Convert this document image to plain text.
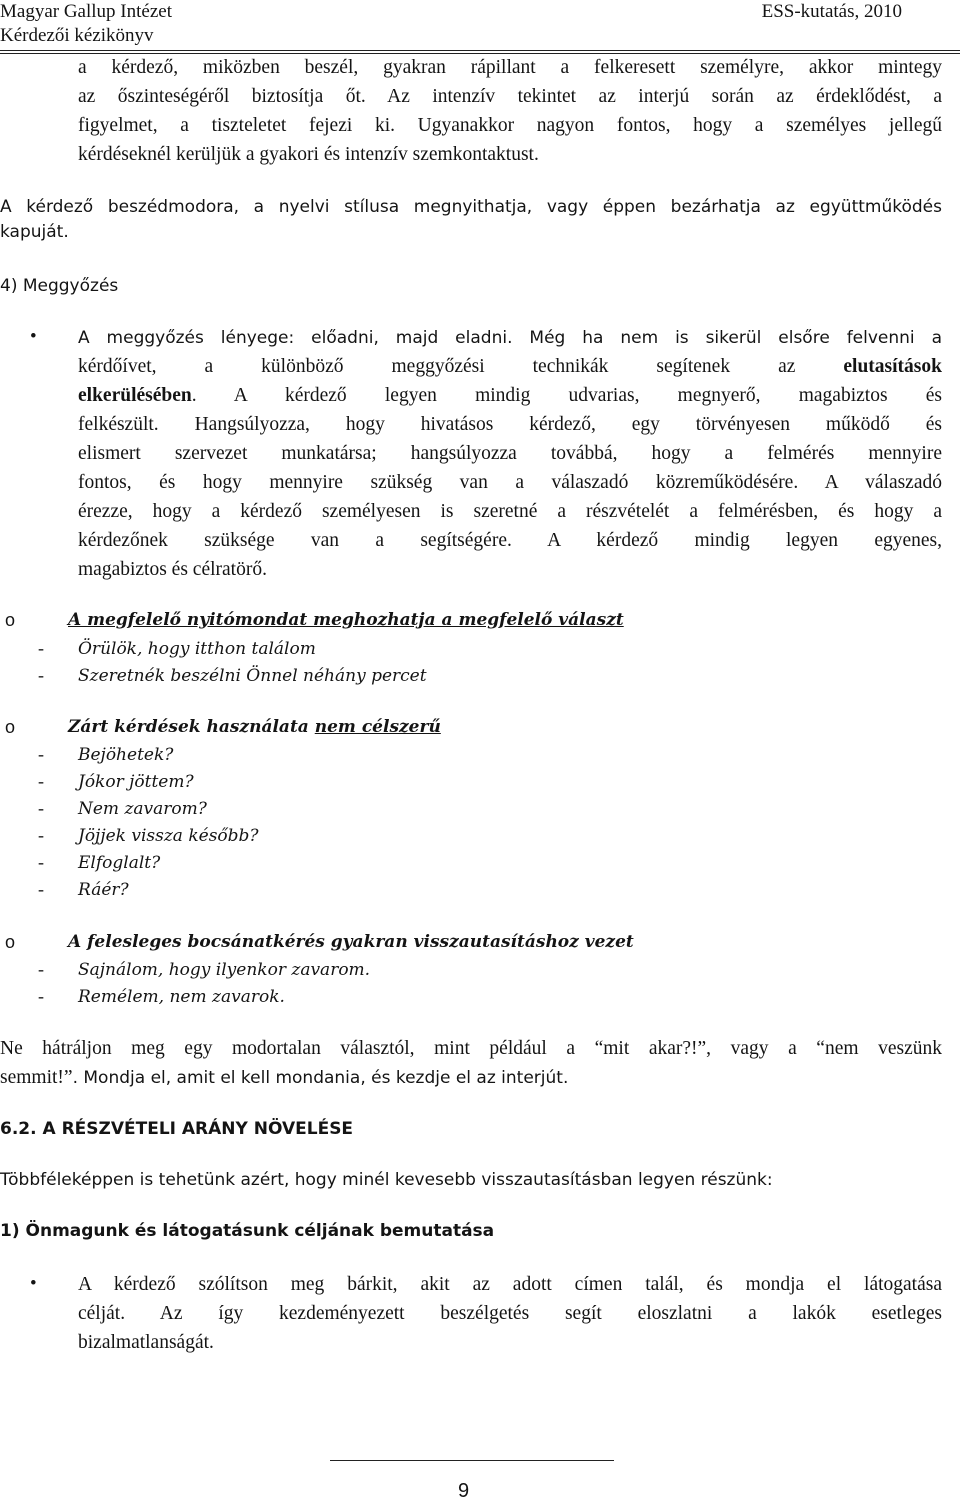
Magyar Gallup Intézet
Kérdezői kézikönyv
ESS-kutatás, 2010
a kérdező, miközben beszél, gyakran rápillant a felkeresett személyre, akkor mintegy
az őszinteségéről biztosítja őt. Az intenzív tekintet az interjú során az érdeklődést, a
figyelmet, a tiszteletet fejezi ki. Ugyanakkor nagyon fontos, hogy a személyes jellegű
kérdéseknél kerüljük a gyakori és intenzív szemkontaktust.
A kérdező beszédmodora, a nyelvi stílusa megnyithatja, vagy éppen bezárhatja az együttműködés
kapuját.
4) Meggyőzés
• A meggyőzés lényege: előadni, majd eladni. Még ha nem is sikerül elsőre felvenni a
kérdőívet, a különböző meggyőzési technikák segítenek az elutasítások
elkerülésében. A kérdező legyen mindig udvarias, megnyerő, magabiztos és
felkészült. Hangsúlyozza, hogy hivatásos kérdező, egy törvényesen működő és
elismert szervezet munkatársa; hangsúlyozza továbbá, hogy a felmérés mennyire
fontos, és hogy mennyire szükség van a válaszadó közreműködésére. A válaszadó
érezze, hogy a kérdező személyesen is szeretné a részvételét a felmérésben, és hogy a
kérdezőnek szüksége van a segítségére. A kérdező mindig legyen egyenes,
magabiztos és célratörő.
o	A megfelelő nyitómondat meghozhatja a megfelelő választ
- Örülök, hogy itthon találom
- Szeretnék beszélni Önnel néhány percet
o	Zárt kérdések használata nem célszerű
- Bejöhetek?
- Jókor jöttem?
- Nem zavarom?
- Jöjjek vissza később?
- Elfoglalt?
- Ráér?
o	A felesleges bocsánatkérés gyakran visszautasításhoz vezet
- Sajnálom, hogy ilyenkor zavarom.
- Remélem, nem zavarok.
Ne hátráljon meg egy modortalan választól, mint például a “mit akar?!”, vagy a “nem veszünk
semmit!”. Mondja el, amit el kell mondania, és kezdje el az interjút.
6.2. A RÉSZVÉTELI ARÁNY NÖVELÉSE
Többféleképpen is tehetünk azért, hogy minél kevesebb visszautasításban legyen részünk:
1) Önmagunk és látogatásunk céljának bemutatása
• A kérdező szólítson meg bárkit, akit az adott címen talál, és mondja el látogatása
célját. Az így kezdeményezett beszélgetés segít eloszlatni a lakók esetleges
bizalmatlanságát.
9
